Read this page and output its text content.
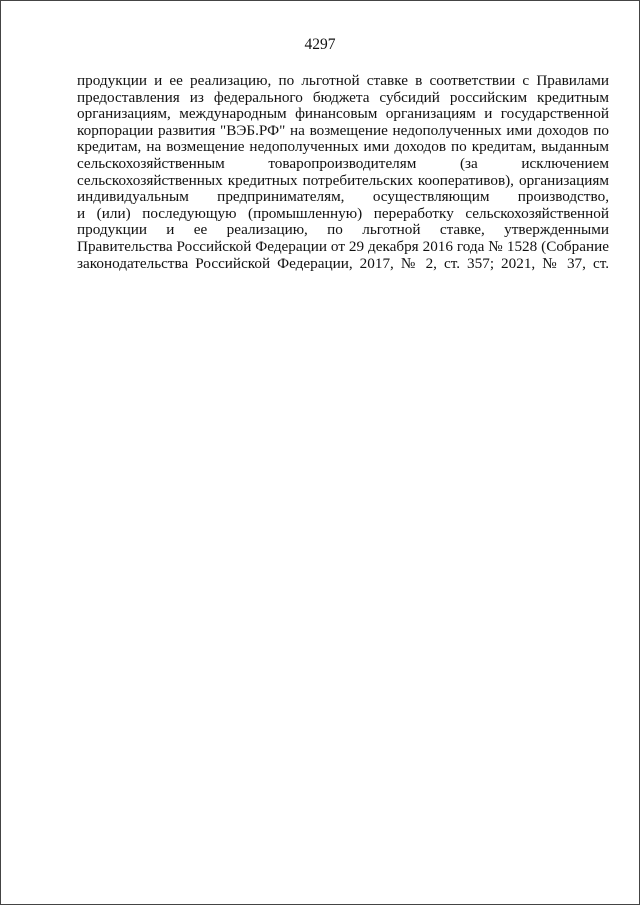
4297
продукции и ее реализацию, по льготной ставке в соответствии с Правилами
предоставления из федерального бюджета субсидий российским кредитным
организациям, международным финансовым организациям и государственной
корпорации развития "ВЭБ.РФ" на возмещение недополученных ими доходов по
кредитам, на возмещение недополученных ими доходов по кредитам, выданным
сельскохозяйственным товаропроизводителям (за исключением
сельскохозяйственных кредитных потребительских кооперативов), организациям
индивидуальным предпринимателям, осуществляющим производство,
и (или) последующую (промышленную) переработку сельскохозяйственной
продукции и ее реализацию, по льготной ставке, утвержденными
Правительства Российской Федерации от 29 декабря 2016 года № 1528 (Собрание
законодательства Российской Федерации, 2017, № 2, ст. 357; 2021, № 37, ст.
